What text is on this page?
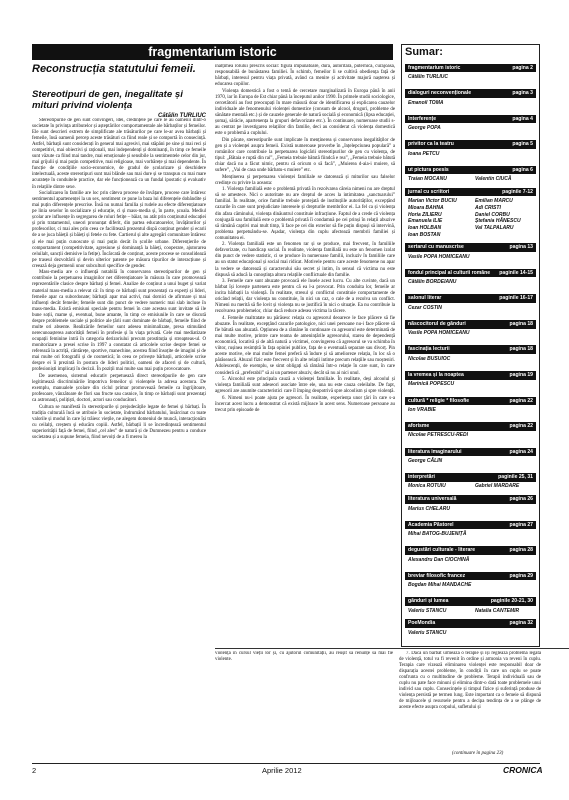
fragmentarium istoric
Reconstrucția statutului femeii.
Stereotipuri de gen, inegalitate și mituri privind violența
Cătălin TURLIUC

Stereotipurile de gen sunt convingeri, idei, credințele pe care le au oamenii dintr-o societate în privința atributelor și așteptărilor comportamentale ale bărbaților și femeilor. Ele sunt descrieri extrem de simplificate ale trăsăturilor pe care le-ar avea bărbații și femeile, însă oamenii percep aceste trăsături ca fiind reale și se comportă în consecință. Astfel, bărbații sunt considerați în general mai agresivi, mai stăpâni pe sine și mai reci și competitivi, mai obiectivi și raționali, mai independenți și dominanți, în timp ce femeile sunt văzute ca fiind mai tandre, mai emoționale și sensibile la sentimentele celor din jur, mai grijulii și mai puțin competitive, mai religioase, mai vorbărețe și mai dependente. În funcție de condițiile socio-economice, de gradul de școlarizare și deschidere intelectuală, aceste stereotipuri sunt mai blânde sau mai dure și se transpun cu mai mare acuratețe în conduitele practice, dar ele funcționează ca un fundal ipostatic și evaluativ în relațiile dintre sexe.

Socializarea în familie are loc prin câteva procese de învățare, procese care întăresc sentimentul apartenenței la un sex, sentiment ce pune la baza lui diferențele dobândite și mai puțin diferențele prescrise. Însă nu numai familia și rudele au efecte diferențiatoare pe linia sexelor în socializare și educație, ci și mass-media și, în parte, școala. Mediul școlar are influențe în segregarea de roluri fetițe – băiat, nu atât prin conținutul educației și prin tratamentul, uneori pronunțat diferit, din partea educatoarelor, învățătorilor și profesorilor, ci mai ales prin ceea ce facilitează prezentul dispă conținut gender și ecarii de a se juca băieții și băieți și fetele cu fete. Cartierul și alte agregări comunitare întăresc și ele mai puțin cunoscute și mai puțin decât în școlile urbane. Diferențierile de comportament (competitivitate, agresiune și dominanță la băieți, cooperare, ajutorarea celuilalt, sancții demisive la fetițe). Încărcată de conținut, aceste procese se consolidează pe traseul dezvoltării și devin ulterior patente pe măsura tipurilor de interacțiune și creează deja germenii unor subculturi specifice de gender.

Mass-media are o influență notabilă în conservarea stereotipurilor de gen și contribuie la perpetuarea imaginilor net diferențiatoare în măsura în care promovează reprezentările clasice despre bărbați și femei. Analize de conținut a unui buget și variat material mass-media a relevat că: în timp ce bărbații sunt prezentați ca experți și lideri, femeile apar ca subordonate; bărbații apar mai activi, mai dornici de afirmare și mai influenți decât femeile; femeile sunt din punct de vedere numeric mai slab incluse în mass-media. Există emisiuni speciale pentru femei în care acestea sunt invitate să ile bune soții, mame și, eventual, bune amante, în timp ce emisiunile în care se discută despre problemele sociale și politice ale țării sunt dominate de bărbați, femeile fiind de multe ori absente. Realizările femeilor sunt adesea minimalizate, presa stimulând nerecunoașterea autorității femeii în profesie și în viața privată. Cele mai mediatizate ocupații feminine intră în categoria derizoriului precum prostituția și streapteas-ul. O monitorizare a presei scrise în 1997 a constatat că articolele scrise despre femei se referează la actriță, cântărețe, sportive, manechine, acestea fiind însoțite de imagini și de mai multe ori fotografii și de cosmetică; în ceea ce privește bărbații, articolele scrise despre ei îi prezintă în postura de lideri politici, oameni de afaceri și de cultură, profesioniști implicați în decizii. În poziții mai multe sau mai puțin provocatoare.

De asemenea, sistemul educativ perpetuează direct stereotipurile de gen care legitimează discriminările împotriva femeilor și violențele la adresa acestora. De exemplu, manualele școlare din ciclul primar promovează femeile ca îngrijitoare, profesoare, vânzătoare de flori sau fructe sau casnice, în timp ce bărbații sunt prezentați ca astronauți, polițiști, doctori, actori sau conducători.

Cultura se manifestă în stereotipurile și prejudecățile legate de femei și bărbați. În tradiția culturală încă se atribuie în societate, îndrumând bărbatului, însărcinat cu toate valorile și modul în care își trăiesc viețile, ne alegem domeniul de muncă, interacționăm cu ceilalți, creștem și educăm copiii. Astfel, bărbații li se încredințează sentimentul superiorității față de femei, fiind „cel ales” de natură și de Dumnezeu pentru a conduce societatea și a supune femeia, fiind nevoiți de a fi mereu la

înălțimea rolului prescris social: figură impunătoare, dură, autoritară, puternică, curajoasă, responsabilă de bunăstarea familiei. În schimb, femeilor li se cultivă obediența față de bărbați, interesul pentru viața privată, având ca menire și activitate majoră nașterea și educarea copiilor.

Violența domestică a fost o temă de cercetare marginalizată în Europa până în anii 1970, iar în Europa de Est chiar până la începutul anilor 1990. În primele studii sociologice, cercetătorii au fost preocupați în mare măsură doar de identificarea și explicarea cauzelor individuale ale fenomenului violenței domestice (consum de alcool, droguri, probleme de sănătate mentală etc.) și de cauzele generale de natură socială și economică (lipsa educației, șomaj, sărăcie, apartenența la grupuri defavorizate etc.). În continuare, numeroase studii s-au centrat pe investigarea relațiilor din familie, deci au considerat că violența domestică este o problemă a cuplului.

Din păcate, stereotipurile sunt implicate în menținerea și conservarea inegalităților de gen și a violenței asupra femeii. Există numeroase proverbe în „înțelepciunea populară” a românilor care contribuie la perpetuarea logicării stereotipurilor de gen cu violența, de tipul: „Bătaia e ruptă din rai”, „Femeia trebuie bătută fiindcă e rea”, „Femeia trebuie bătută chiar dacă nu a făcut nimic, pentru că oricum o să facă”, „Muierea d-aia-i muiere, să sufere”, „Vai de casa unde bărbatu-s muiere” etc.

Menținerea și perpetuarea violenței familiale se datorează și miturilor sau falselor credințe cu privire la aceasta:

1. Violența familială este o problemă privată în rezolvarea căreia nimeni nu are dreptul să se amestece. Nici o autoritate nu are dreptul de acces la intimitatea „sanctuarului” familial. În realitate, orice familie trebuie protejată de instituțiile autorităților, excepțând cazurile în care sunt prejudiciate interesele și drepturile membrilor ei. La fel ca și violența din afara căminului, violența dinăuntrul constituie infracțiune. Faptul de a crede că violența conjugală sau familială este o problemă privată îi condamnă pe cei prinși în relații abuzive să rămână captivi mai mult timp, îi face pe cei din exterior să fie puțin dispuși să intervină, problema perpetuându-se. Așadar, violența din cuplu afectează membrii familiei și comunitatea ei.

2. Violența familială este un fenomen rar și se produce, mai frecvent, în familiile defavorizate, cu handicap social. În realitate, violența familială nu este un fenomen izolat din punct de vedere statistic, ci se produce în numeroase familii, incluziv în familiile care au un statut educațional și social mai ridicat. Motivele pentru care aceste fenomene nu apar la vedere se datorează și caracterului său secret și intim, în sensul că victima nu este dispusă să aducă la cunoștința altora relațiile conflictuale din familie.

3. Femeile care sunt abuzate provoacă ele însele acest lucru. Cu alte cuvinte, dacă un bărbat își lovește partenera este pentru că ea l-a provocat. Prin conduita lor, femeile ar incita bărbații la violență. În realitate, stresul și conflictul constituie comportamente de oricând relații, dar violența nu constituie, în nici un caz, o cale de a rezolva un conflict. Nimeni nu merită să fie lovit și violența nu se justifică în nici o situație. Ea nu contribuie la rezolvarea problemelor, chiar dacă reduce adesea victima la tăcere.

4. Femeile maltratate nu părăsesc relația cu agresorul deoarece le face plăcere să fie abuzate. În realitate, excepțând cazurile patologice, nici unei persoane nu-i face plăcere să fie bătută sau abuzată. Opțiunea de a rămâne în continuare cu agresorul este determinată de mai multe motive, printre care teama de amenințările agresorului, starea de dependență economică, locativă și de altă natură a victimei, convingerea că agresorul se va schimba în viitor, rușinea resimțită în fața opiniei publice, fața de o eventuală separare sau divorț. Pin aceste motive, ele mai multe femei preferă să îndure și să amelioreze relația, în loc să o părăsească. Abuzul fizic este frecvent și în alte relații intime precum relațiile sau moșteniri. Adolescenții, de exemplu, se simt obligați să rămână într-o relație în care sunt, în care consideră că „preferabil” să ai un partener abuziv, decât să nu ai nici unul.

5. Alcoolul este principala cauză a violenței familiale. În realitate, deși alcoolul și violența familială sunt adeseori asociate între ele, una nu este cauza celeilalte. De fapt, agresorii are anumite caracteristici care îl împing deopotrivă spre alcoolism și spre violență.

6. Nimeni nu-i poate ajuta pe agresori. În realitate, experiența unor țări în care s-a încercat acest lucru a demonstrat că există mijloace în acest sens. Numeroase persoane au trecut prin episoade de

violență în cursul vieții lor și, cu ajutorul comunității, au reușit să renunțe să mai fie violente.

7. Dacă un bărbat urmează o terapie și își reglează problema legată de violență, totul va fi revenit în ordine și armonia va reveni în cuplu. Terapia care vizează eliminarea violenței este responsabil doar de disparația acestei probleme, în condiții în care un cuplu se poate confrunta cu o multitudine de probleme. Terapii individuală sau de cuplu nu pate face minuni și elimina dintr-o dată toate problemele unui individ sau cuplu. Consecințele și timpul fizice și suferință produse de violența persistă pe termen lung. Este important ca o femeie să dispună de mijloacele și resursele pentru a decipa tendința de a se plânge de aceste efecte asupra corpului, sufletului și

(continuare în pagina 23)
Sumar:
fragmentarium istoric	pagina 2
Cătălin TURLIUC
dialoguri neconvenționale	pagina 3
Emanoil TOMA
Interferențe	pagina 4
George POPA
privitor ca la teatru	pagina 5
Ioana PETCU
ut pictura poesis	pagina 6
Traian MOCANU	Valentin CIUCĂ
jurnal cu scriitori	paginile 7-12
Marian Victor BUCIU	Emilian MARCU
Mioara BAHNA	Adi CRISTI
Horia ZILIERU	Daniel CORBU
Emanuela ILIE	Ștefania HĂNESCU
Ioan HOLBAN	Val TALPALARU
Ioan BOSTAN
sertarul cu manuscrise	pagina 13
Vasile POPA HOMICEANU
fondul principal al culturii române paginile 14-15
Cătălin BORDEIANU
salonul literar	paginile 16-17
Cezar COSTIN
născocitorul de gânduri	pagina 18
Vasile POPA HOMICEANU
fascinația lecturii	pagina 18
Nicolae BUSUIOC
la vremea și la noaptea	pagina 19
Marinică POPESCU
cultură * religie * filosofie	pagina 22
Ion VRABIE
aforisme	pagina 22
Nicolae PETRESCU-REDI
literatura imaginarului	pagina 24
George CĂLIN
interpretări	paginile 25, 31
Monica ROTUIU	Gabriel MARDARE
literatura universală	pagina 26
Marius CHELARU
Academia Păstorel	pagina 27
Mihai BATOG-BUJENIȚĂ
degustări culturale - literare	pagina 28
Alexandru Dan CIOCHINĂ
breviar filosofic francez	pagina 29
Bogdan Mihai MANDACHE
gânduri și lumea	paginile 20-21, 30
Valeriu STANCU	Natalia CANTEMIR
PoeMondia	pagina 32
Valeriu STANCU
2	Aprilie 2012	CRONICA
